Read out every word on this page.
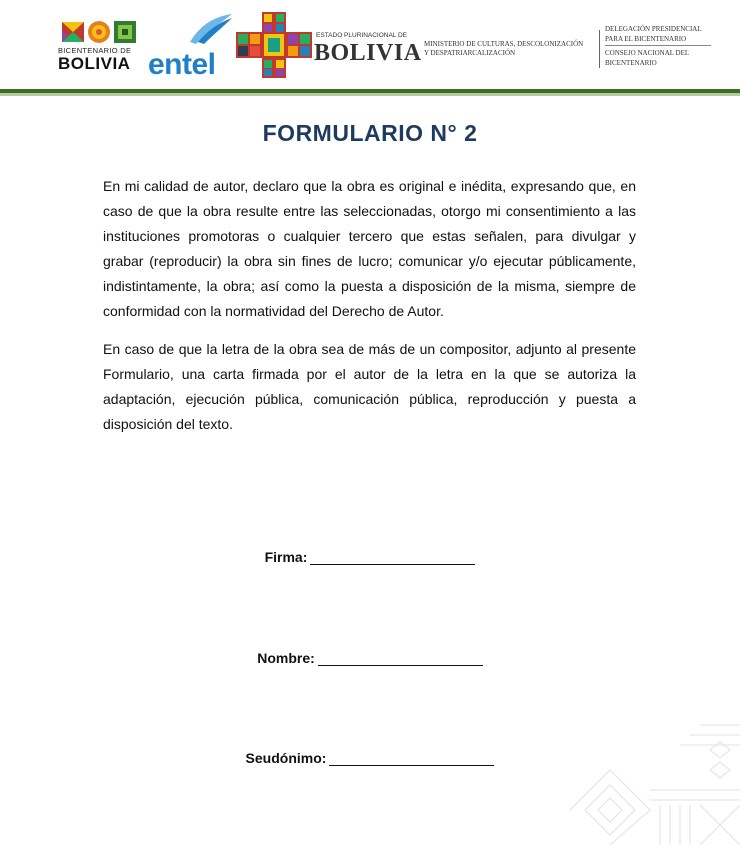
BICENTENARIO DE
BOLIVIA entel
ESTADO PLURINACIONAL DE
BOLIVIA MINISTERIO DE CULTURAS, DESCOLONIZACIÓN
Y DESPATRIARCALIZACIÓN
DELEGACIÓN PRESIDENCIAL
PARA EL BICENTENARIO
CONSEJO NACIONAL DEL
BICENTENARIO
FORMULARIO N° 2
En mi calidad de autor, declaro que la obra es original e inédita, expresando que, en caso de que la obra resulte entre las seleccionadas, otorgo mi consentimiento a las instituciones promotoras o cualquier tercero que estas señalen, para divulgar y grabar (reproducir) la obra sin fines de lucro; comunicar y/o ejecutar públicamente, indistintamente, la obra; así como la puesta a disposición de la misma, siempre de conformidad con la normatividad del Derecho de Autor.
En caso de que la letra de la obra sea de más de un compositor, adjunto al presente Formulario, una carta firmada por el autor de la letra en la que se autoriza la adaptación, ejecución pública, comunicación pública, reproducción y puesta a disposición del texto.
Firma:
Nombre:
Seudónimo:
